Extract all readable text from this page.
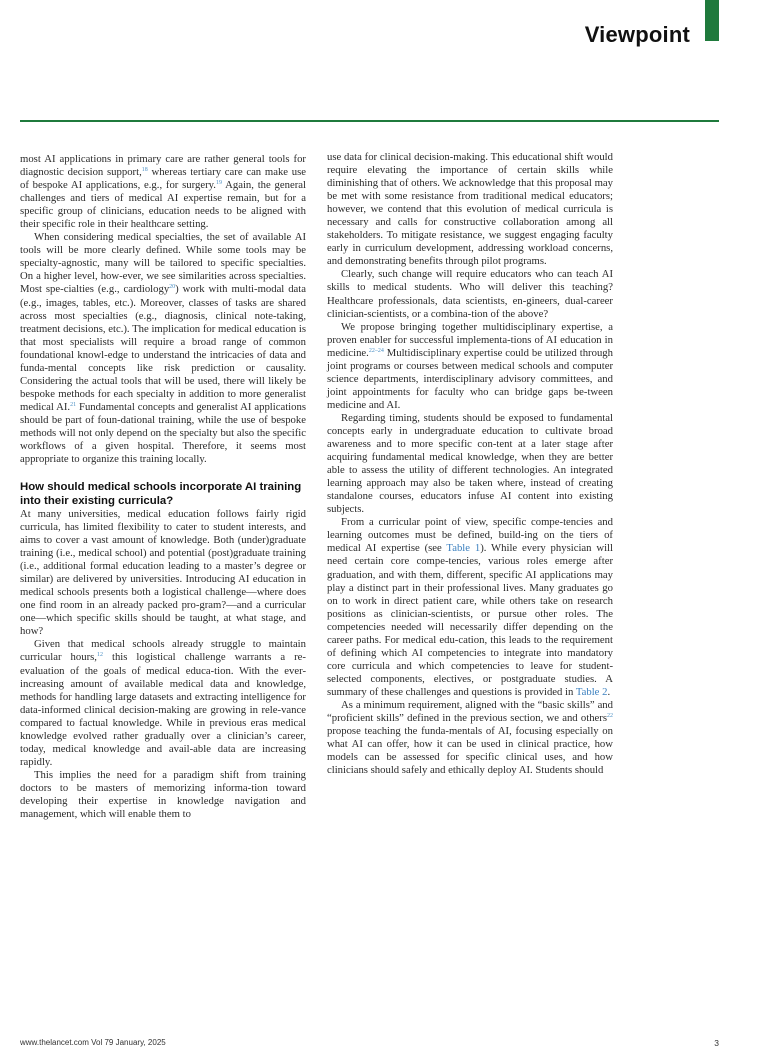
Viewpoint

most AI applications in primary care are rather general tools for diagnostic decision support,$^{18}$ whereas tertiary care can make use of bespoke AI applications, e.g., for surgery.$^{19}$ Again, the general challenges and tiers of medical AI expertise remain, but for a specific group of clinicians, education needs to be aligned with their specific role in their healthcare setting.

When considering medical specialties, the set of available AI tools will be more clearly defined. While some tools may be specialty-agnostic, many will be tailored to specific specialties. On a higher level, how-ever, we see similarities across specialties. Most spe-cialties (e.g., cardiology$^{20}$) work with multi-modal data (e.g., images, tables, etc.). Moreover, classes of tasks are shared across most specialties (e.g., diagnosis, clinical note-taking, treatment decisions, etc.). The implication for medical education is that most specialists will require a broad range of common foundational knowl-edge to understand the intricacies of data and funda-mental concepts like risk prediction or causality. Considering the actual tools that will be used, there will likely be bespoke methods for each specialty in addition to more generalist medical AI.$^{21}$ Fundamental concepts and generalist AI applications should be part of foun-dational training, while the use of bespoke methods will not only depend on the specialty but also the specific workflows of a given hospital. Therefore, it seems most appropriate to organize this training locally.

How should medical schools incorporate AI training into their existing curricula?

At many universities, medical education follows fairly rigid curricula, has limited flexibility to cater to student interests, and aims to cover a vast amount of knowledge. Both (under)graduate training (i.e., medical school) and potential (post)graduate training (i.e., additional formal education leading to a master’s degree or similar) are delivered by universities. Introducing AI education in medical schools presents both a logistical challenge—where does one find room in an already packed pro-gram?—and a curricular one—which specific skills should be taught, at what stage, and how?

Given that medical schools already struggle to maintain curricular hours,$^{12}$ this logistical challenge warrants a re-evaluation of the goals of medical educa-tion. With the ever-increasing amount of available medical data and knowledge, methods for handling large datasets and extracting intelligence for data-informed clinical decision-making are growing in rele-vance compared to factual knowledge. While in previous eras medical knowledge evolved rather gradually over a clinician’s career, today, medical knowledge and avail-able data are increasing rapidly.

This implies the need for a paradigm shift from training doctors to be masters of memorizing informa-tion toward developing their expertise in knowledge navigation and management, which will enable them to

use data for clinical decision-making. This educational shift would require elevating the importance of certain skills while diminishing that of others. We acknowledge that this proposal may be met with some resistance from traditional medical educators; however, we contend that this evolution of medical curricula is necessary and calls for constructive collaboration among all stakeholders. To mitigate resistance, we suggest engaging faculty early in curriculum development, addressing workload concerns, and demonstrating benefits through pilot programs.

Clearly, such change will require educators who can teach AI skills to medical students. Who will deliver this teaching? Healthcare professionals, data scientists, en-gineers, dual-career clinician-scientists, or a combina-tion of the above?

We propose bringing together multidisciplinary expertise, a proven enabler for successful implementa-tions of AI education in medicine.$^{22-24}$ Multidisciplinary expertise could be utilized through joint programs or courses between medical schools and computer science departments, interdisciplinary advisory committees, and joint appointments for faculty who can bridge gaps be-tween medicine and AI.

Regarding timing, students should be exposed to fundamental concepts early in undergraduate education to cultivate broad awareness and to more specific con-tent at a later stage after acquiring fundamental medical knowledge, when they are better able to assess the utility of different technologies. An integrated learning approach may also be taken where, instead of creating standalone courses, educators infuse AI content into existing subjects.

From a curricular point of view, specific compe-tencies and learning outcomes must be defined, build-ing on the tiers of medical AI expertise (see Table 1). While every physician will need certain core compe-tencies, various roles emerge after graduation, and with them, different, specific AI applications may play a distinct part in their professional lives. Many graduates go on to work in direct patient care, while others take on research positions as clinician-scientists, or pursue other roles. The competencies needed will necessarily differ depending on the career paths. For medical edu-cation, this leads to the requirement of defining which AI competencies to integrate into mandatory core curricula and which competencies to leave for student-selected components, electives, or postgraduate studies. A summary of these challenges and questions is provided in Table 2.

As a minimum requirement, aligned with the “basic skills” and “proficient skills” defined in the previous section, we and others$^{22}$ propose teaching the funda-mentals of AI, focusing especially on what AI can offer, how it can be used in clinical practice, how models can be assessed for specific clinical uses, and how clinicians should safely and ethically deploy AI. Students should

www.thelancet.com Vol 79 January, 2025	3
